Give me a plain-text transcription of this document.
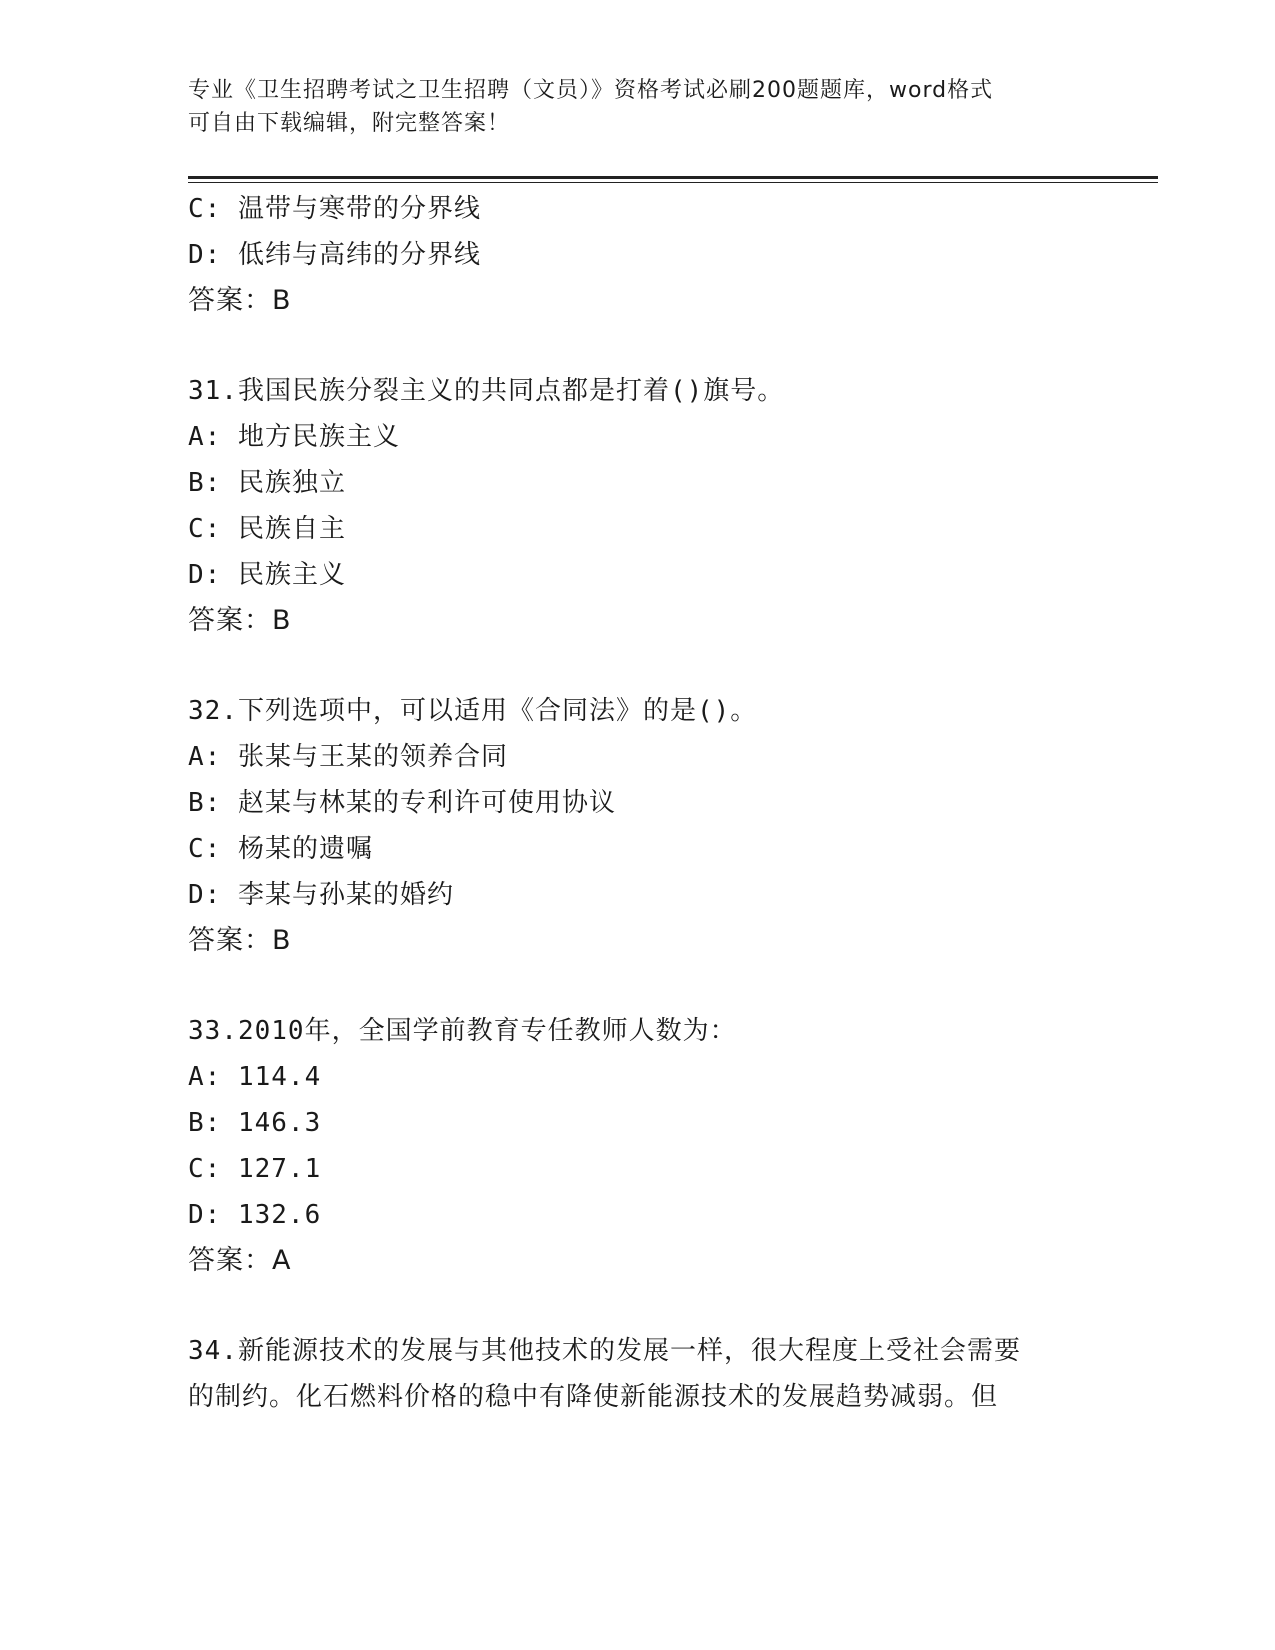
专业《卫生招聘考试之卫生招聘（文员）》资格考试必刷200题题库，word格式
可自由下载编辑，附完整答案！
C: 温带与寒带的分界线
D: 低纬与高纬的分界线
答案：B
31.我国民族分裂主义的共同点都是打着()旗号。
A: 地方民族主义
B: 民族独立
C: 民族自主
D: 民族主义
答案：B
32.下列选项中，可以适用《合同法》的是()。
A: 张某与王某的领养合同
B: 赵某与林某的专利许可使用协议
C: 杨某的遗嘱
D: 李某与孙某的婚约
答案：B
33.2010年，全国学前教育专任教师人数为：
A: 114.4
B: 146.3
C: 127.1
D: 132.6
答案：A
34.新能源技术的发展与其他技术的发展一样，很大程度上受社会需要
的制约。化石燃料价格的稳中有降使新能源技术的发展趋势减弱。但
